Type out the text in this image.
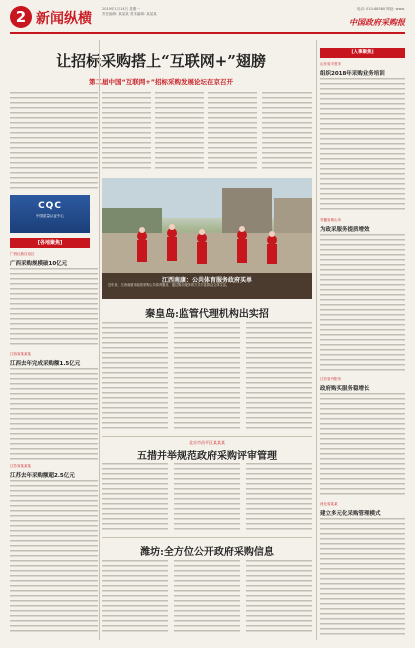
2 新闻纵横
2019年1月14日 星期一
责任编辑: 某某某 美术编辑: 某某某
电话: 010-68580 网址: www.
中国政府采购报
让招标采购搭上“互联网+”翅膀
第二届中国“互联网+”招标采购发展论坛在京召开
CQC
中国质量认证中心
[各地聚焦]
广西壮族自治区
广西采购规模破10亿元
江西省某某某
江西去年完成采购额1.5亿元
江苏省某某某
江苏去年采购额超2.5亿元
江西南康：公共体育服务政府买单
近年来，江西南康市政府采购公共体育服务，通过购买服务的方式丰富群众文体生活。
秦皇岛:监管代理机构出实招
北京市昌平区某某某
五措并举规范政府采购评审管理
潍坊:全方位公开政府采购信息
[人事聚焦]
山东省平度市
组织2018年采购业务培训
安徽省黄山市
为政采服务提质增效
江苏省丹阳市
政府购买服务稳增长
河北省某某
建立多元化采购管理模式
